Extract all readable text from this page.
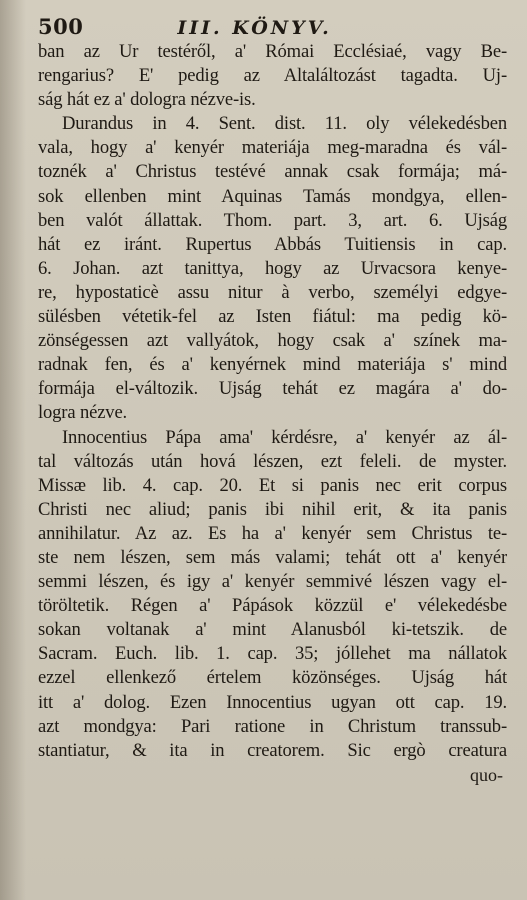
500	III. KÖNYV.
ban az Ur testéről, a' Római Ecclésiaé, vagy Be-
rengarius? E' pedig az Altaláltozást tagadta. Uj-
ság hát ez a' dologra nézve-is.
Durandus in 4. Sent. dist. 11. oly vélekedésben
vala, hogy a' kenyér materiája meg-maradna és vál-
toznék a' Christus testévé annak csak formája; má-
sok ellenben mint Aquinas Tamás mondgya, ellen-
ben valót állattak. Thom. part. 3, art. 6. Ujság
hát ez iránt. Rupertus Abbás Tuitiensis in cap.
6. Johan. azt tanittya, hogy az Urvacsora kenye-
re, hypostaticè assu nitur à verbo, személyi edgye-
sülésben vétetik-fel az Isten fiátul: ma pedig kö-
zönségessen azt vallyátok, hogy csak a' színek ma-
radnak fen, és a' kenyérnek mind materiája s' mind
formája el-változik. Ujság tehát ez magára a' do-
logra nézve.
Innocentius Pápa ama' kérdésre, a' kenyér az ál-
tal változás után hová lészen, ezt feleli. de myster.
Missæ lib. 4. cap. 20. Et si panis nec erit corpus
Christi nec aliud; panis ibi nihil erit, & ita panis
annihilatur. Az az. Es ha a' kenyér sem Christus te-
ste nem lészen, sem más valami; tehát ott a' kenyér
semmi lészen, és igy a' kenyér semmivé lészen vagy el-
töröltetik. Régen a' Pápások közzül e' vélekedésbe
sokan voltanak a' mint Alanusból ki-tetszik. de
Sacram. Euch. lib. 1. cap. 35; jóllehet ma nállatok
ezzel ellenkező értelem közönséges. Ujság hát
itt a' dolog. Ezen Innocentius ugyan ott cap. 19.
azt mondgya: Pari ratione in Christum transsub-
stantiatur, & ita in creatorem. Sic ergò creatura
quo-
